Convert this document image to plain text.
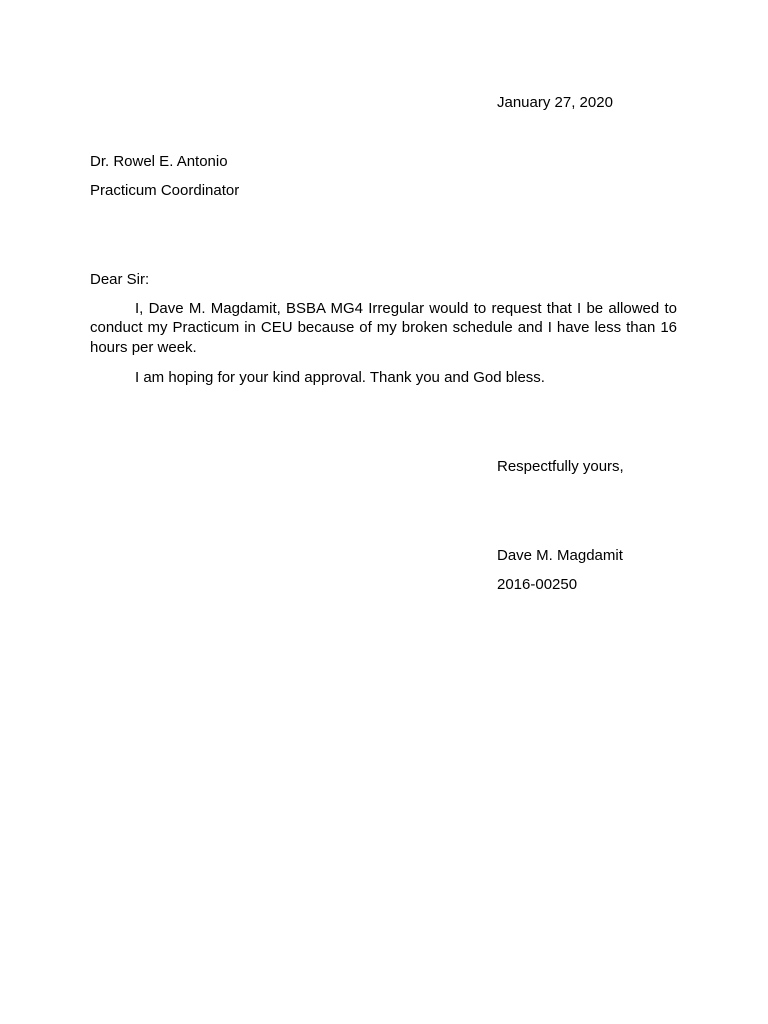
January 27, 2020
Dr. Rowel E. Antonio
Practicum Coordinator
Dear Sir:

I, Dave M. Magdamit, BSBA MG4 Irregular would to request that I be allowed to conduct my Practicum in CEU because of my broken schedule and I have less than 16 hours per week.

I am hoping for your kind approval. Thank you and God bless.

Respectfully yours,
Dave M. Magdamit
2016-00250
